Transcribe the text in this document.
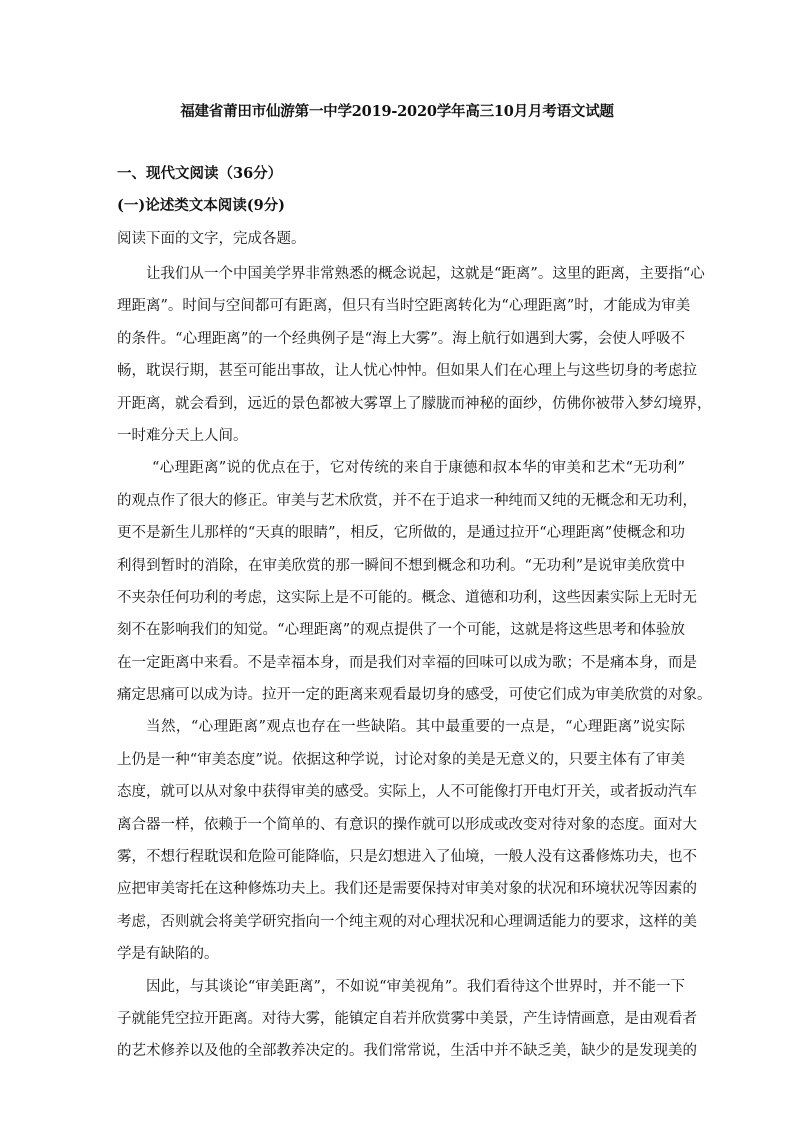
福建省莆田市仙游第一中学2019-2020学年高三10月月考语文试题
一、现代文阅读（36分）
(一)论述类文本阅读(9分)
阅读下面的文字，完成各题。
让我们从一个中国美学界非常熟悉的概念说起，这就是“距离”。这里的距离，主要指“心
理距离”。时间与空间都可有距离，但只有当时空距离转化为“心理距离”时，才能成为审美
的条件。“心理距离”的一个经典例子是“海上大雾”。海上航行如遇到大雾，会使人呼吸不
畅，耽误行期，甚至可能出事故，让人忧心忡忡。但如果人们在心理上与这些切身的考虑拉
开距离，就会看到，远近的景色都被大雾罩上了朦胧而神秘的面纱，仿佛你被带入梦幻境界，
一时难分天上人间。
“心理距离”说的优点在于，它对传统的来自于康德和叔本华的审美和艺术“无功利”
的观点作了很大的修正。审美与艺术欣赏，并不在于追求一种纯而又纯的无概念和无功利，
更不是新生儿那样的“天真的眼睛”，相反，它所做的，是通过拉开“心理距离”使概念和功
利得到暂时的消除，在审美欣赏的那一瞬间不想到概念和功利。“无功利”是说审美欣赏中
不夹杂任何功利的考虑，这实际上是不可能的。概念、道德和功利，这些因素实际上无时无
刻不在影响我们的知觉。“心理距离”的观点提供了一个可能，这就是将这些思考和体验放
在一定距离中来看。不是幸福本身，而是我们对幸福的回味可以成为歌；不是痛本身，而是
痛定思痛可以成为诗。拉开一定的距离来观看最切身的感受，可使它们成为审美欣赏的对象。
当然，“心理距离”观点也存在一些缺陷。其中最重要的一点是，“心理距离”说实际
上仍是一种“审美态度”说。依据这种学说，讨论对象的美是无意义的，只要主体有了审美
态度，就可以从对象中获得审美的感受。实际上，人不可能像打开电灯开关，或者扳动汽车
离合器一样，依赖于一个简单的、有意识的操作就可以形成或改变对待对象的态度。面对大
雾，不想行程耽误和危险可能降临，只是幻想进入了仙境，一般人没有这番修炼功夫，也不
应把审美寄托在这种修炼功夫上。我们还是需要保持对审美对象的状况和环境状况等因素的
考虑，否则就会将美学研究指向一个纯主观的对心理状况和心理调适能力的要求，这样的美
学是有缺陷的。
因此，与其谈论“审美距离”，不如说“审美视角”。我们看待这个世界时，并不能一下
子就能凭空拉开距离。对待大雾，能镇定自若并欣赏雾中美景，产生诗情画意，是由观看者
的艺术修养以及他的全部教养决定的。我们常常说，生活中并不缺乏美，缺少的是发现美的
